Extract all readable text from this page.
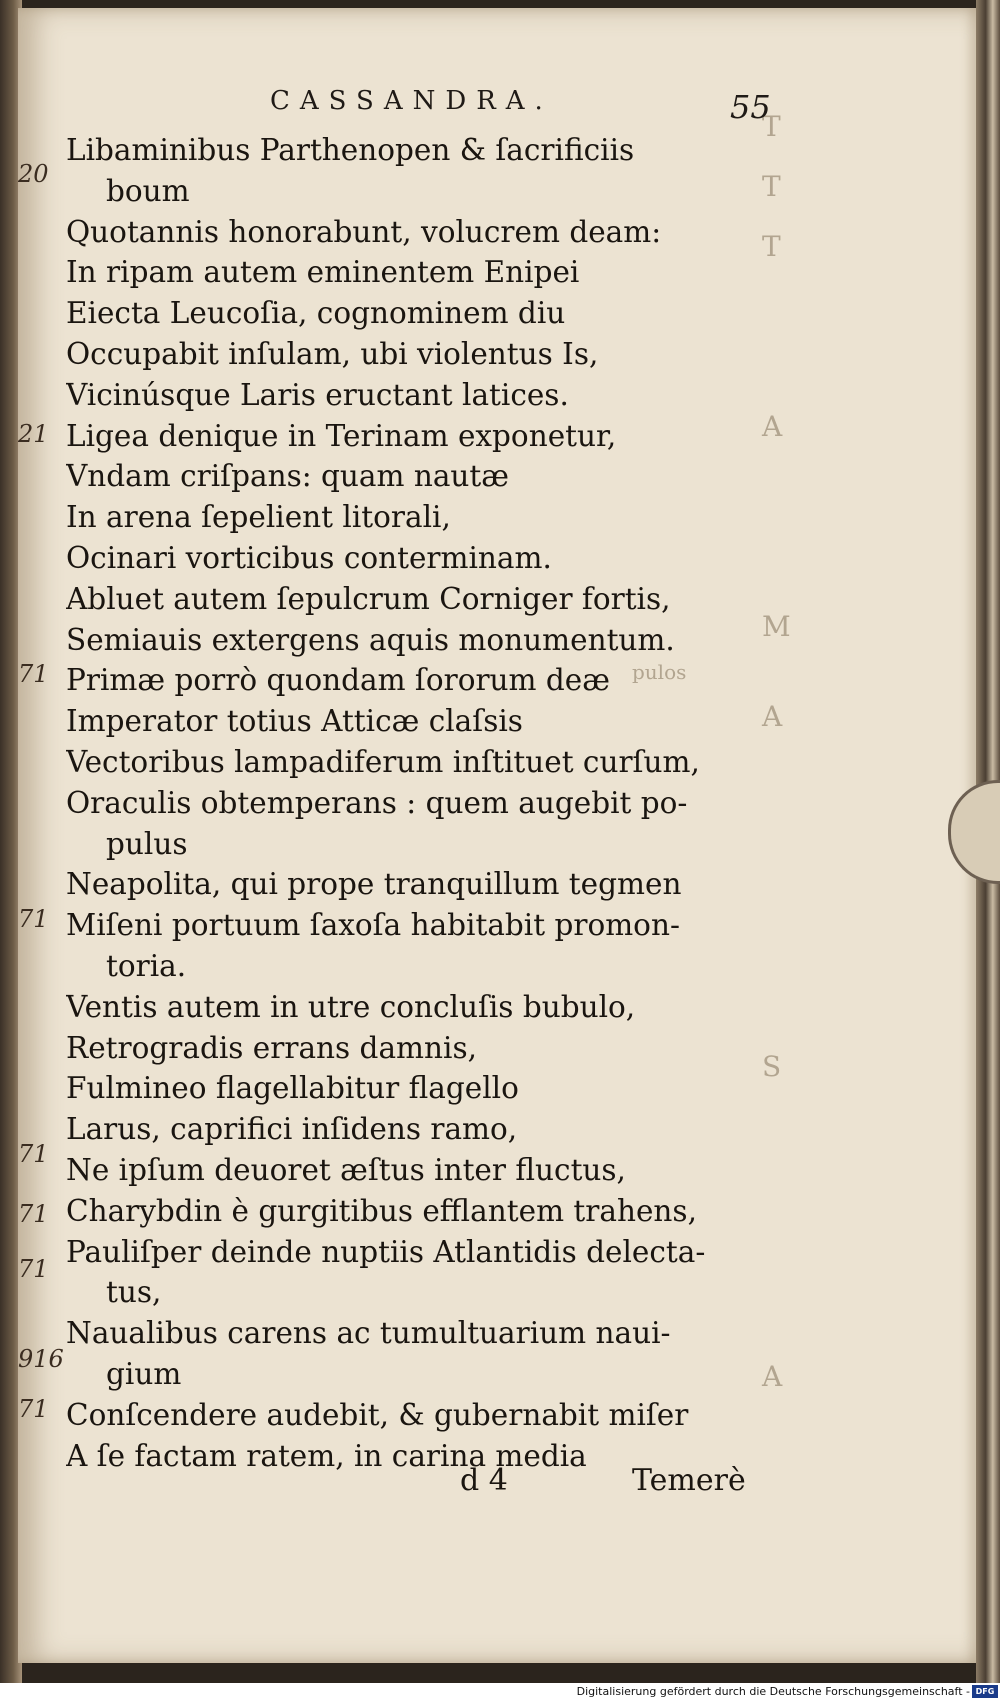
20
21
71
71
71
71
71
916
71
T
T
T
A
M
A
pulos
S
A
CASSANDRA.	55
Libaminibus Parthenopen & ſacrificiis
boum
Quotannis honorabunt, volucrem deam:
In ripam autem eminentem Enipei
Eiecta Leucoſia, cognominem diu
Occupabit inſulam, ubi violentus Is,
Vicinúsque Laris eructant latices.
Ligea denique in Terinam exponetur,
Vndam criſpans: quam nautæ
In arena ſepelient litorali,
Ocinari vorticibus conterminam.
Abluet autem ſepulcrum Corniger fortis,
Semiauis extergens aquis monumentum.
Primæ porrò quondam ſororum deæ
Imperator totius Atticæ claſsis
Vectoribus lampadiferum inſtituet curſum,
Oraculis obtemperans : quem augebit po-
pulus
Neapolita, qui prope tranquillum tegmen
Miſeni portuum ſaxoſa habitabit promon-
toria.
Ventis autem in utre concluſis bubulo,
Retrogradis errans damnis,
Fulmineo flagellabitur flagello
Larus, caprifici inſidens ramo,
Ne ipſum deuoret æſtus inter fluctus,
Charybdin è gurgitibus efflantem trahens,
Pauliſper deinde nuptiis Atlantidis delecta-
tus,
Naualibus carens ac tumultuarium naui-
gium
Conſcendere audebit, & gubernabit miſer
A ſe factam ratem, in carina media
d 4	Temerè
Digitalisierung gefördert durch die Deutsche Forschungsgemeinschaft - DFG
